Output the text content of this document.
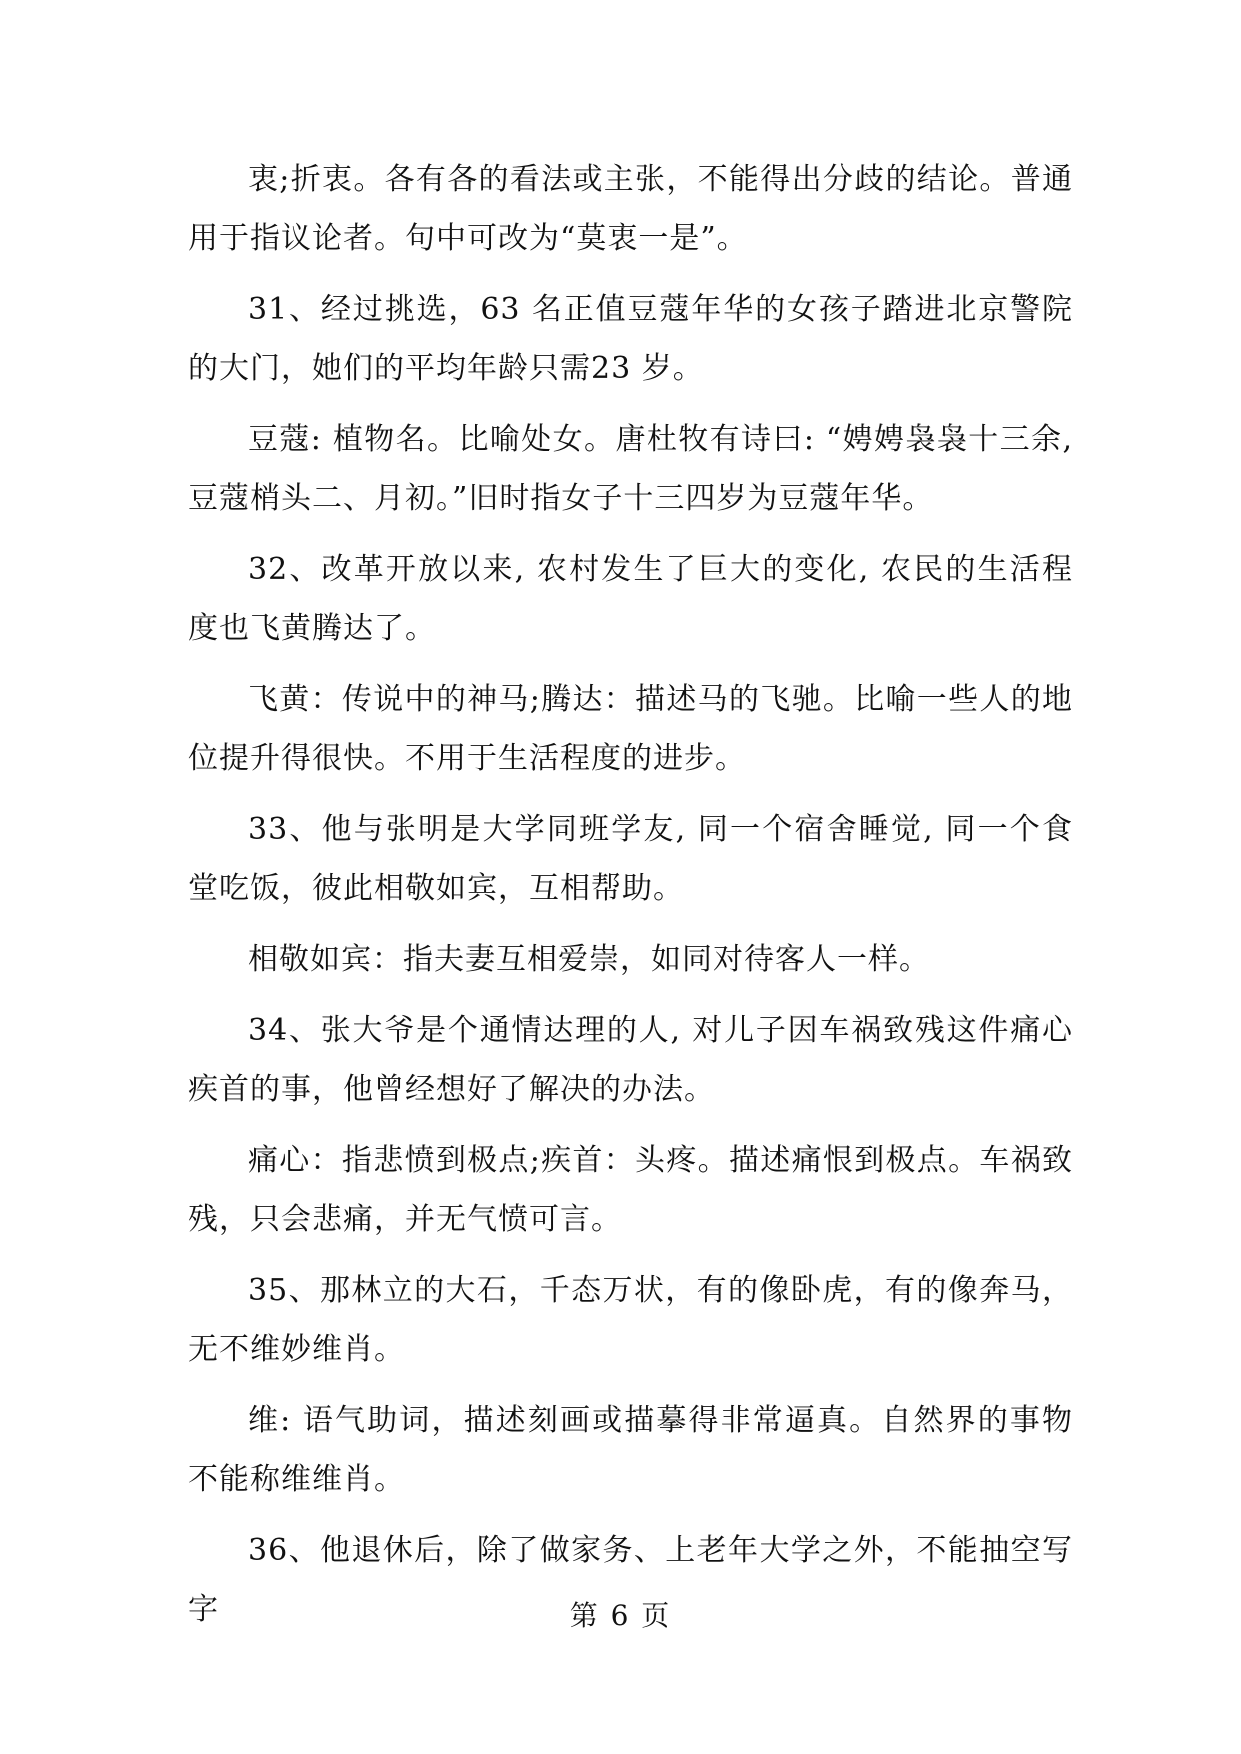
衷;折衷。各有各的看法或主张，不能得出分歧的结论。普通用于指议论者。句中可改为“莫衷一是”。

31、经过挑选，63 名正值豆蔻年华的女孩子踏进北京警院的大门，她们的平均年龄只需23 岁。

豆蔻: 植物名。比喻处女。唐杜牧有诗曰: “娉娉袅袅十三余, 豆蔻梢头二、月初。”旧时指女子十三四岁为豆蔻年华。

32、改革开放以来, 农村发生了巨大的变化, 农民的生活程度也飞黄腾达了。

飞黄：传说中的神马;腾达：描述马的飞驰。比喻一些人的地位提升得很快。不用于生活程度的进步。

33、他与张明是大学同班学友, 同一个宿舍睡觉, 同一个食堂吃饭，彼此相敬如宾，互相帮助。

相敬如宾：指夫妻互相爱崇，如同对待客人一样。

34、张大爷是个通情达理的人, 对儿子因车祸致残这件痛心疾首的事，他曾经想好了解决的办法。

痛心：指悲愤到极点;疾首：头疼。描述痛恨到极点。车祸致残，只会悲痛，并无气愤可言。

35、那林立的大石，千态万状，有的像卧虎，有的像奔马，无不维妙维肖。

维: 语气助词，描述刻画或描摹得非常逼真。自然界的事物不能称维维肖。

36、他退休后，除了做家务、上老年大学之外，不能抽空写字	第 6 页
